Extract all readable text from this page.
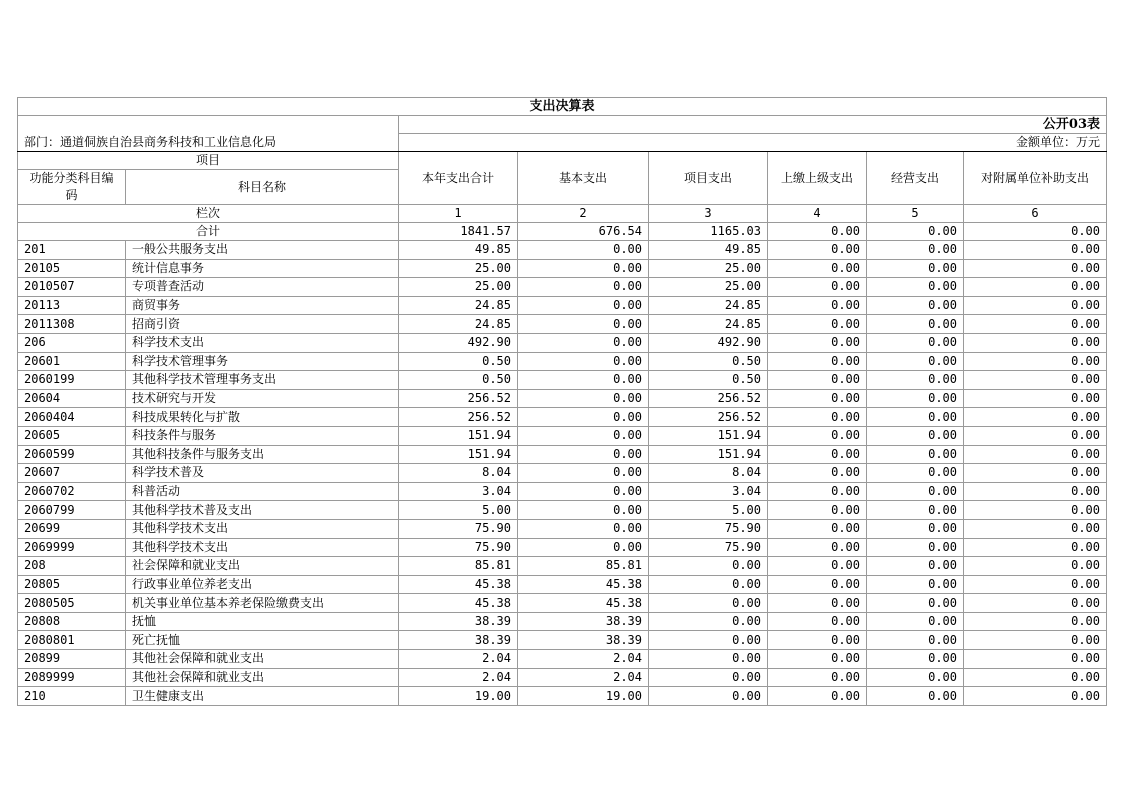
支出决算表							
		公开03表					
部门：通道侗族自治县商务科技和工业信息化局		金额单位：万元					
项目		本年支出合计	基本支出	项目支出	上缴上级支出	经营支出	对附属单位补助支出
功能分类科目编码	科目名称						
栏次		1	2	3	4	5	6
合计		1841.57	676.54	1165.03	0.00	0.00	0.00
201	一般公共服务支出	49.85	0.00	49.85	0.00	0.00	0.00
20105	统计信息事务	25.00	0.00	25.00	0.00	0.00	0.00
2010507	专项普查活动	25.00	0.00	25.00	0.00	0.00	0.00
20113	商贸事务	24.85	0.00	24.85	0.00	0.00	0.00
2011308	招商引资	24.85	0.00	24.85	0.00	0.00	0.00
206	科学技术支出	492.90	0.00	492.90	0.00	0.00	0.00
20601	科学技术管理事务	0.50	0.00	0.50	0.00	0.00	0.00
2060199	其他科学技术管理事务支出	0.50	0.00	0.50	0.00	0.00	0.00
20604	技术研究与开发	256.52	0.00	256.52	0.00	0.00	0.00
2060404	科技成果转化与扩散	256.52	0.00	256.52	0.00	0.00	0.00
20605	科技条件与服务	151.94	0.00	151.94	0.00	0.00	0.00
2060599	其他科技条件与服务支出	151.94	0.00	151.94	0.00	0.00	0.00
20607	科学技术普及	8.04	0.00	8.04	0.00	0.00	0.00
2060702	科普活动	3.04	0.00	3.04	0.00	0.00	0.00
2060799	其他科学技术普及支出	5.00	0.00	5.00	0.00	0.00	0.00
20699	其他科学技术支出	75.90	0.00	75.90	0.00	0.00	0.00
2069999	其他科学技术支出	75.90	0.00	75.90	0.00	0.00	0.00
208	社会保障和就业支出	85.81	85.81	0.00	0.00	0.00	0.00
20805	行政事业单位养老支出	45.38	45.38	0.00	0.00	0.00	0.00
2080505	机关事业单位基本养老保险缴费支出	45.38	45.38	0.00	0.00	0.00	0.00
20808	抚恤	38.39	38.39	0.00	0.00	0.00	0.00
2080801	死亡抚恤	38.39	38.39	0.00	0.00	0.00	0.00
20899	其他社会保障和就业支出	2.04	2.04	0.00	0.00	0.00	0.00
2089999	其他社会保障和就业支出	2.04	2.04	0.00	0.00	0.00	0.00
210	卫生健康支出	19.00	19.00	0.00	0.00	0.00	0.00
